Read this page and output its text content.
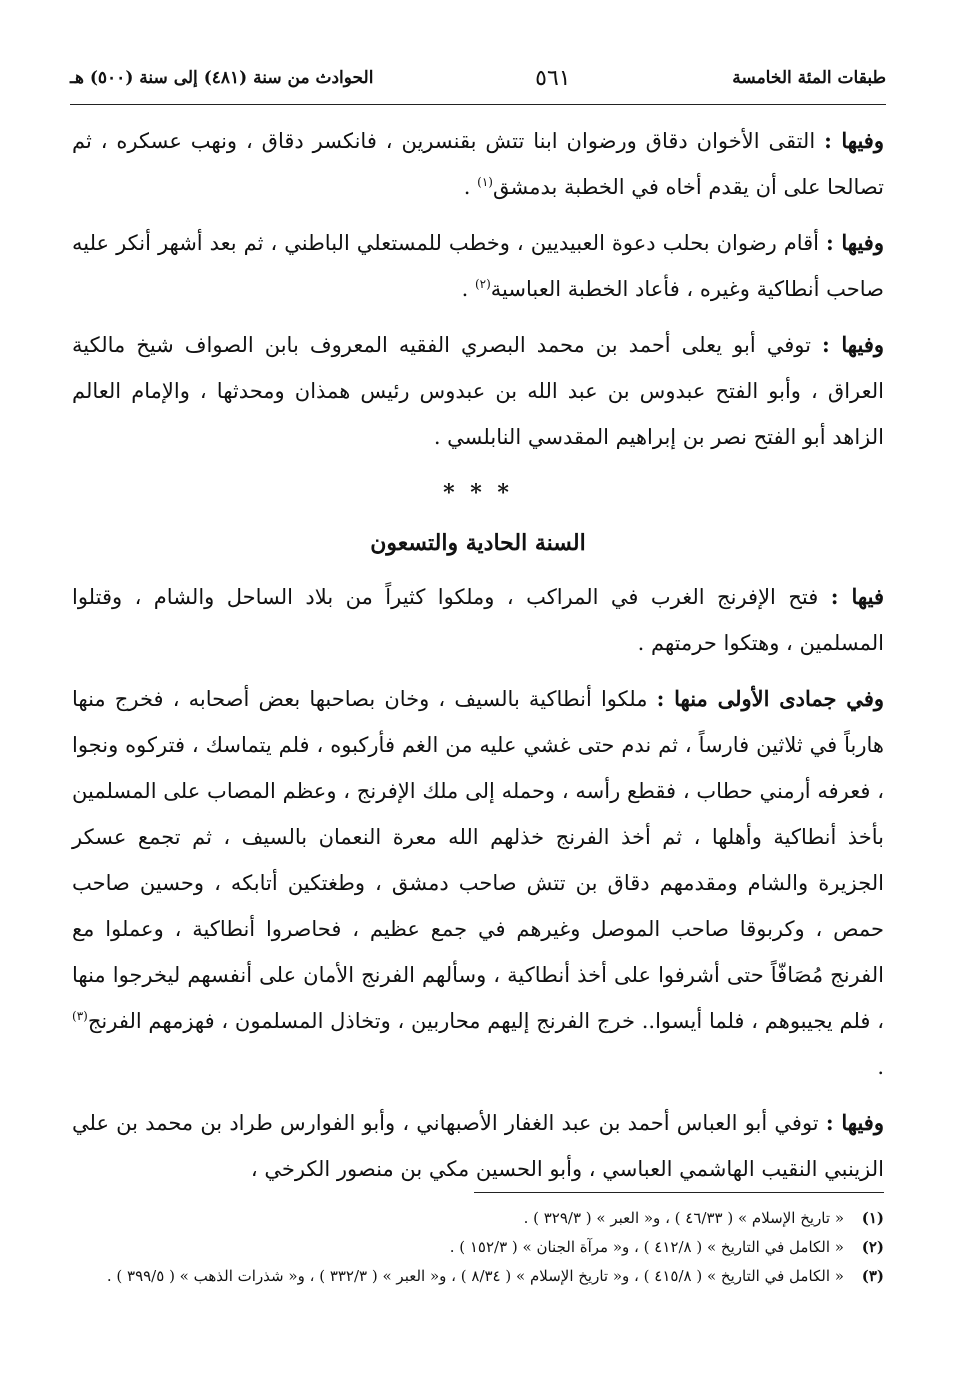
طبقات المئة الخامسة
٥٦١
الحوادث من سنة (٤٨١) إلى سنة (٥٠٠) هـ

وفيها : التقى الأخوان دقاق ورضوان ابنا تتش بقنسرين ، فانكسر دقاق ، ونهب عسكره ، ثم تصالحا على أن يقدم أخاه في الخطبة بدمشق$^{(١)}$ .

وفيها : أقام رضوان بحلب دعوة العبيديين ، وخطب للمستعلي الباطني ، ثم بعد أشهر أنكر عليه صاحب أنطاكية وغيره ، فأعاد الخطبة العباسية$^{(٢)}$ .

وفيها : توفي أبو يعلى أحمد بن محمد البصري الفقيه المعروف بابن الصواف شيخ مالكية العراق ، وأبو الفتح عبدوس بن عبد الله بن عبدوس رئيس همذان ومحدثها ، والإمام العالم الزاهد أبو الفتح نصر بن إبراهيم المقدسي النابلسي .

* * *
السنة الحادية والتسعون

فيها : فتح الإفرنج الغرب في المراكب ، وملكوا كثيراً من بلاد الساحل والشام ، وقتلوا المسلمين ، وهتكوا حرمتهم .

وفي جمادى الأولى منها : ملكوا أنطاكية بالسيف ، وخان بصاحبها بعض أصحابه ، فخرج منها هارباً في ثلاثين فارساً ، ثم ندم حتى غشي عليه من الغم فأركبوه ، فلم يتماسك ، فتركوه ونجوا ، فعرفه أرمني حطاب ، فقطع رأسه ، وحمله إلى ملك الإفرنج ، وعظم المصاب على المسلمين بأخذ أنطاكية وأهلها ، ثم أخذ الفرنج خذلهم الله معرة النعمان بالسيف ، ثم تجمع عسكر الجزيرة والشام ومقدمهم دقاق بن تتش صاحب دمشق ، وطغتكين أتابكه ، وحسين صاحب حمص ، وكربوقا صاحب الموصل وغيرهم في جمع عظيم ، فحاصروا أنطاكية ، وعملوا مع الفرنج مُصَافّاً حتى أشرفوا على أخذ أنطاكية ، وسألهم الفرنج الأمان على أنفسهم ليخرجوا منها ، فلم يجيبوهم ، فلما أيسوا.. خرج الفرنج إليهم محاربين ، وتخاذل المسلمون ، فهزمهم الفرنج$^{(٣)}$ .

وفيها : توفي أبو العباس أحمد بن عبد الغفار الأصبهاني ، وأبو الفوارس طراد بن محمد بن علي الزينبي النقيب الهاشمي العباسي ، وأبو الحسين مكي بن منصور الكرخي ،

(١)
« تاريخ الإسلام » ( ٤٦/٣٣ ) ، و« العبر » ( ٣٢٩/٣ ) .
(٢)
« الكامل في التاريخ » ( ٤١٢/٨ ) ، و« مرآة الجنان » ( ١٥٢/٣ ) .
(٣)
« الكامل في التاريخ » ( ٤١٥/٨ ) ، و« تاريخ الإسلام » ( ٨/٣٤ ) ، و« العبر » ( ٣٣٢/٣ ) ، و« شذرات الذهب » ( ٣٩٩/٥ ) .
